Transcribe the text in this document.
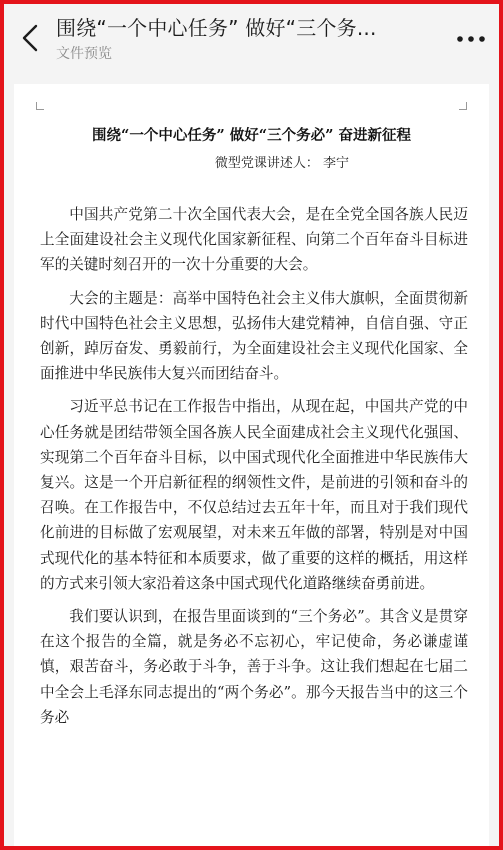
围绕“一个中心任务” 做好“三个务...
文件预览
围绕“一个中心任务” 做好“三个务必” 奋进新征程
微型党课讲述人： 李宁

中国共产党第二十次全国代表大会，是在全党全国各族人民迈上全面建设社会主义现代化国家新征程、向第二个百年奋斗目标进军的关键时刻召开的一次十分重要的大会。

大会的主题是：高举中国特色社会主义伟大旗帜，全面贯彻新时代中国特色社会主义思想，弘扬伟大建党精神，自信自强、守正创新，踔厉奋发、勇毅前行，为全面建设社会主义现代化国家、全面推进中华民族伟大复兴而团结奋斗。

习近平总书记在工作报告中指出，从现在起，中国共产党的中心任务就是团结带领全国各族人民全面建成社会主义现代化强国、实现第二个百年奋斗目标，以中国式现代化全面推进中华民族伟大复兴。这是一个开启新征程的纲领性文件，是前进的引领和奋斗的召唤。在工作报告中，不仅总结过去五年十年，而且对于我们现代化前进的目标做了宏观展望，对未来五年做的部署，特别是对中国式现代化的基本特征和本质要求，做了重要的这样的概括，用这样的方式来引领大家沿着这条中国式现代化道路继续奋勇前进。

我们要认识到，在报告里面谈到的“三个务必”。其含义是贯穿在这个报告的全篇，就是务必不忘初心，牢记使命，务必谦虚谨慎，艰苦奋斗，务必敢于斗争，善于斗争。这让我们想起在七届二中全会上毛泽东同志提出的“两个务必”。那今天报告当中的这三个务必
